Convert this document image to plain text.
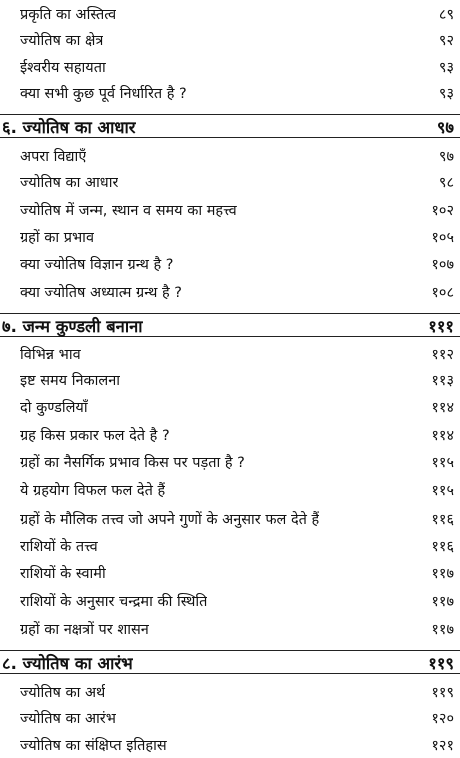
प्रकृति का अस्तित्व	८९
ज्योतिष का क्षेत्र	९२
ईश्वरीय सहायता	९३
क्या सभी कुछ पूर्व निर्धारित है ?	९३
६. ज्योतिष का आधार	९७
अपरा विद्याएँ	९७
ज्योतिष का आधार	९८
ज्योतिष में जन्म, स्थान व समय का महत्त्व	१०२
ग्रहों का प्रभाव	१०५
क्या ज्योतिष विज्ञान ग्रन्थ है ?	१०७
क्या ज्योतिष अध्यात्म ग्रन्थ है ?	१०८
७. जन्म कुण्डली बनाना	१११
विभिन्न भाव	११२
इष्ट समय निकालना	११३
दो कुण्डलियाँ	११४
ग्रह किस प्रकार फल देते है ?	११४
ग्रहों का नैसर्गिक प्रभाव किस पर पड़ता है ?	११५
ये ग्रहयोग विफल फल देते हैं	११५
ग्रहों के मौलिक तत्त्व जो अपने गुणों के अनुसार फल देते हैं	११६
राशियों के तत्त्व	११६
राशियों के स्वामी	११७
राशियों के अनुसार चन्द्रमा की स्थिति	११७
ग्रहों का नक्षत्रों पर शासन	११७
८. ज्योतिष का आरंभ	११९
ज्योतिष का अर्थ	११९
ज्योतिष का आरंभ	१२०
ज्योतिष का संक्षिप्त इतिहास	१२१
